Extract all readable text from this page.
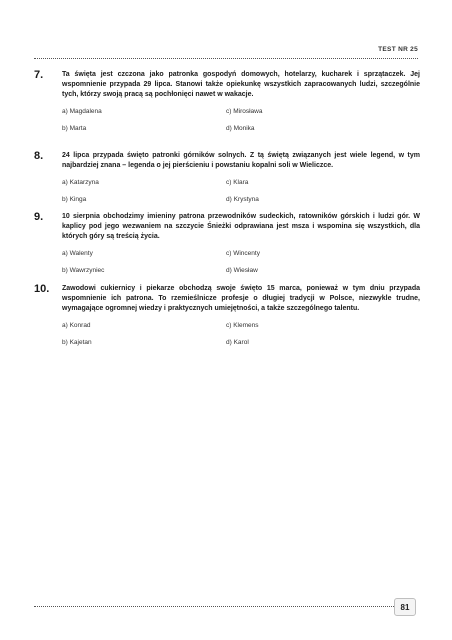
TEST NR 25
7.	Ta święta jest czczona jako patronka gospodyń domowych, hotelarzy, kucharek i sprzątaczek. Jej wspomnienie przypada 29 lipca. Stanowi także opiekunkę wszystkich zapracowanych ludzi, szczególnie tych, którzy swoją pracą są pochłonięci nawet w wakacje.
a) Magdalena	c) Mirosława
b) Marta	d) Monika
8.	24 lipca przypada święto patronki górników solnych. Z tą świętą związanych jest wiele legend, w tym najbardziej znana – legenda o jej pierścieniu i powstaniu kopalni soli w Wieliczce.
a) Katarzyna	c) Klara
b) Kinga	d) Krystyna
9.	10 sierpnia obchodzimy imieniny patrona przewodników sudeckich, ratowników górskich i ludzi gór. W kaplicy pod jego wezwaniem na szczycie Śnieżki odprawiana jest msza i wspomina się wszystkich, dla których góry są treścią życia.
a) Walenty	c) Wincenty
b) Wawrzyniec	d) Wiesław
10.	Zawodowi cukiernicy i piekarze obchodzą swoje święto 15 marca, ponieważ w tym dniu przypada wspomnienie ich patrona. To rzemieślnicze profesje o długiej tradycji w Polsce, niezwykle trudne, wymagające ogromnej wiedzy i praktycznych umiejętności, a także szczególnego talentu.
a) Konrad	c) Klemens
b) Kajetan	d) Karol
81
